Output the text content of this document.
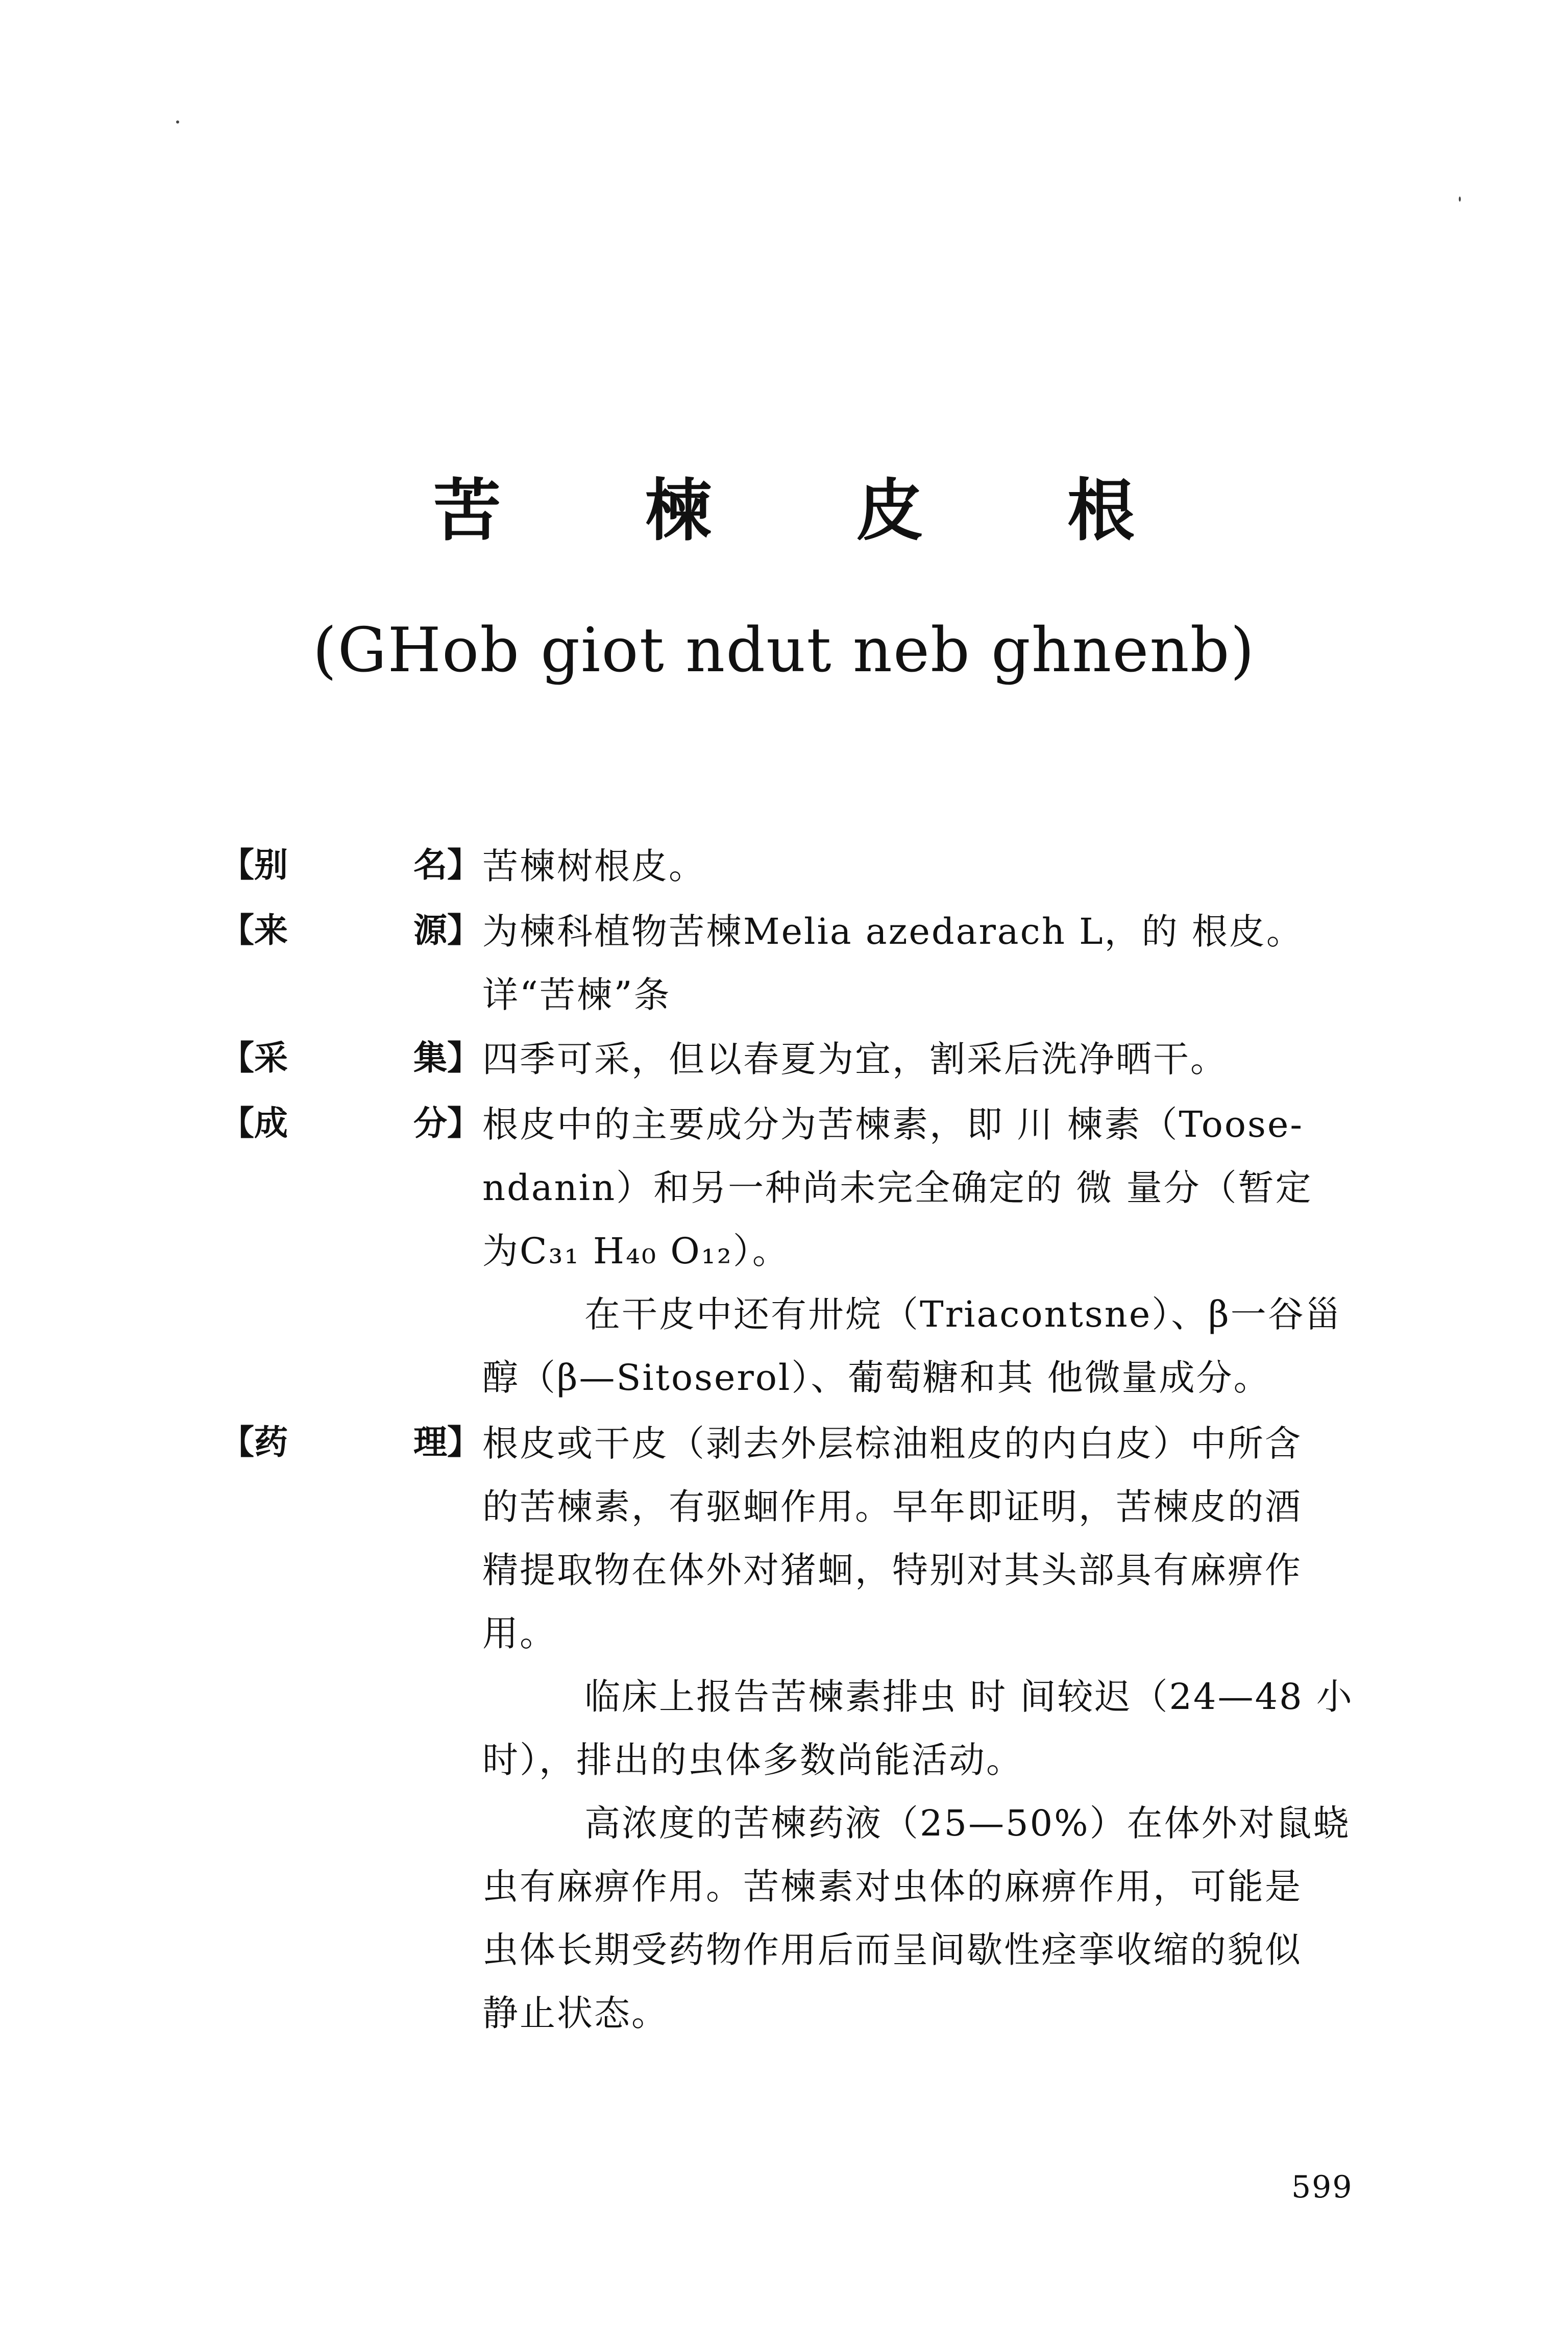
苦 楝 皮 根
(GHob giot ndut neb ghnenb)
【别	名】 苦楝树根皮。
【来	源】 为楝科植物苦楝Melia azedarach L，的 根皮。
详“苦楝”条
【采	集】 四季可采，但以春夏为宜，割采后洗净晒干。
【成	分】 根皮中的主要成分为苦楝素，即 川 楝素（Toose-
ndanin）和另一种尚未完全确定的 微 量分（暂定
为C₃₁ H₄₀ O₁₂）。
在干皮中还有卅烷（Triacontsne）、β一谷甾
醇（β—Sitoserol）、葡萄糖和其 他微量成分。
【药	理】 根皮或干皮（剥去外层棕油粗皮的内白皮）中所含
的苦楝素，有驱蛔作用。早年即证明，苦楝皮的酒
精提取物在体外对猪蛔，特别对其头部具有麻痹作
用。
临床上报告苦楝素排虫 时 间较迟（24—48 小
时），排出的虫体多数尚能活动。
高浓度的苦楝药液（25—50%）在体外对鼠蛲
虫有麻痹作用。苦楝素对虫体的麻痹作用，可能是
虫体长期受药物作用后而呈间歇性痉挛收缩的貌似
静止状态。
599
